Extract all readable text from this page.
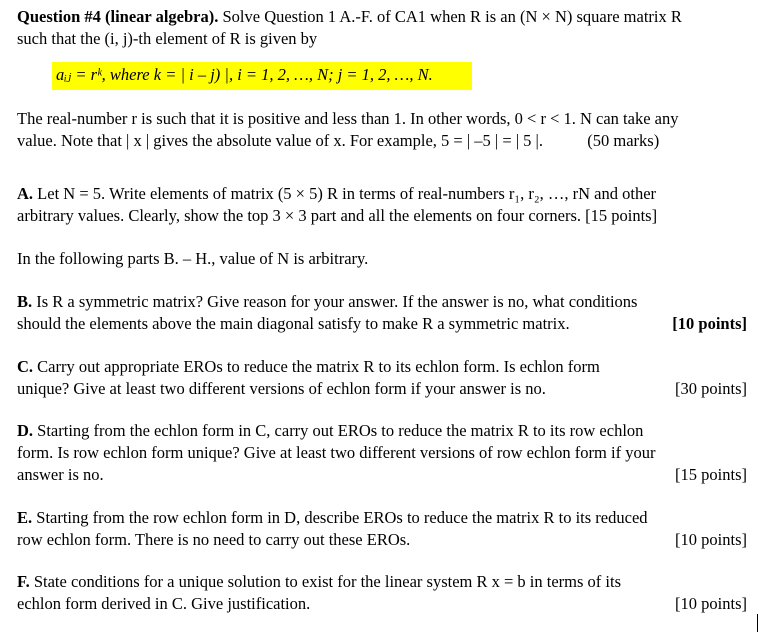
Question #4 (linear algebra). Solve Question 1 A.-F. of CA1 when R is an (N × N) square matrix R
such that the (i, j)-th element of R is given by
aᵢⱼ = rᵏ, where k = | i – j) |, i = 1, 2, …, N; j = 1, 2, …, N.
The real-number r is such that it is positive and less than 1. In other words, 0 < r < 1. N can take any
value. Note that | x | gives the absolute value of x. For example, 5 = | –5 | = | 5 |.	(50 marks)
A. Let N = 5. Write elements of matrix (5 × 5) R in terms of real-numbers r₁, r₂, …, rN and other
arbitrary values. Clearly, show the top 3 × 3 part and all the elements on four corners. [15 points]
In the following parts B. – H., value of N is arbitrary.
B. Is R a symmetric matrix? Give reason for your answer. If the answer is no, what conditions
should the elements above the main diagonal satisfy to make R a symmetric matrix.	[10 points]
C. Carry out appropriate EROs to reduce the matrix R to its echlon form. Is echlon form
unique? Give at least two different versions of echlon form if your answer is no.	[30 points]
D. Starting from the echlon form in C, carry out EROs to reduce the matrix R to its row echlon
form. Is row echlon form unique? Give at least two different versions of row echlon form if your
answer is no.	[15 points]
E. Starting from the row echlon form in D, describe EROs to reduce the matrix R to its reduced
row echlon form. There is no need to carry out these EROs.	[10 points]
F. State conditions for a unique solution to exist for the linear system R x = b in terms of its
echlon form derived in C. Give justification.	[10 points]
